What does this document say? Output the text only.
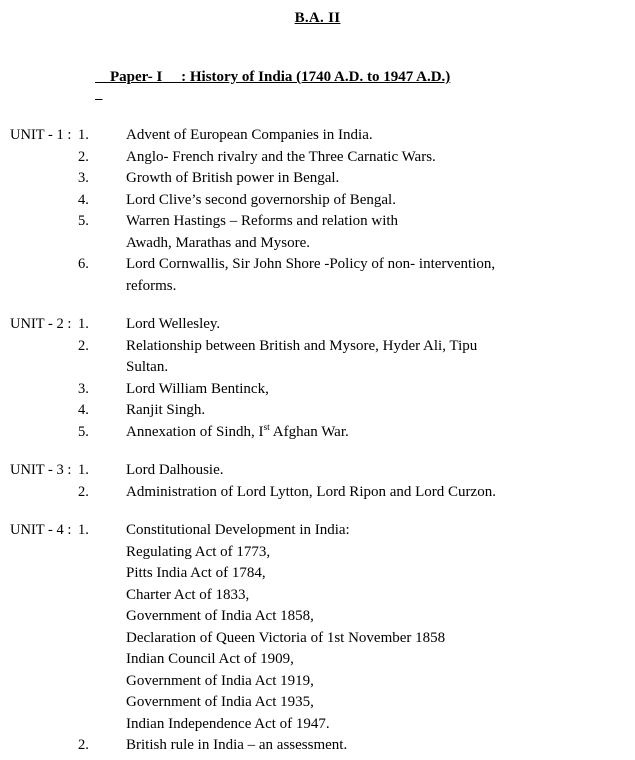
B.A. II

Paper- I : History of India (1740 A.D. to 1947 A.D.)

UNIT - 1 : 1.	Advent of European Companies in India.
2.	Anglo- French rivalry and the Three Carnatic Wars.
3.	Growth of British power in Bengal.
4.	Lord Clive’s second governorship of Bengal.
5.	Warren Hastings – Reforms and relation with
Awadh, Marathas and Mysore.
6.	Lord Cornwallis, Sir John Shore -Policy of non- intervention,
reforms.
UNIT - 2 : 1.	Lord Wellesley.
2.	Relationship between British and Mysore, Hyder Ali, Tipu
Sultan.
3.	Lord William Bentinck,
4.	Ranjit Singh.
5.	Annexation of Sindh, Ist Afghan War.
UNIT - 3 : 1.	Lord Dalhousie.
2.	Administration of Lord Lytton, Lord Ripon and Lord Curzon.
UNIT - 4 : 1.	Constitutional Development in India:
Regulating Act of 1773,
Pitts India Act of 1784,
Charter Act of 1833,
Government of India Act 1858,
Declaration of Queen Victoria of 1st November 1858
Indian Council Act of 1909,
Government of India Act 1919,
Government of India Act 1935,
Indian Independence Act of 1947.
2.	British rule in India – an assessment.
